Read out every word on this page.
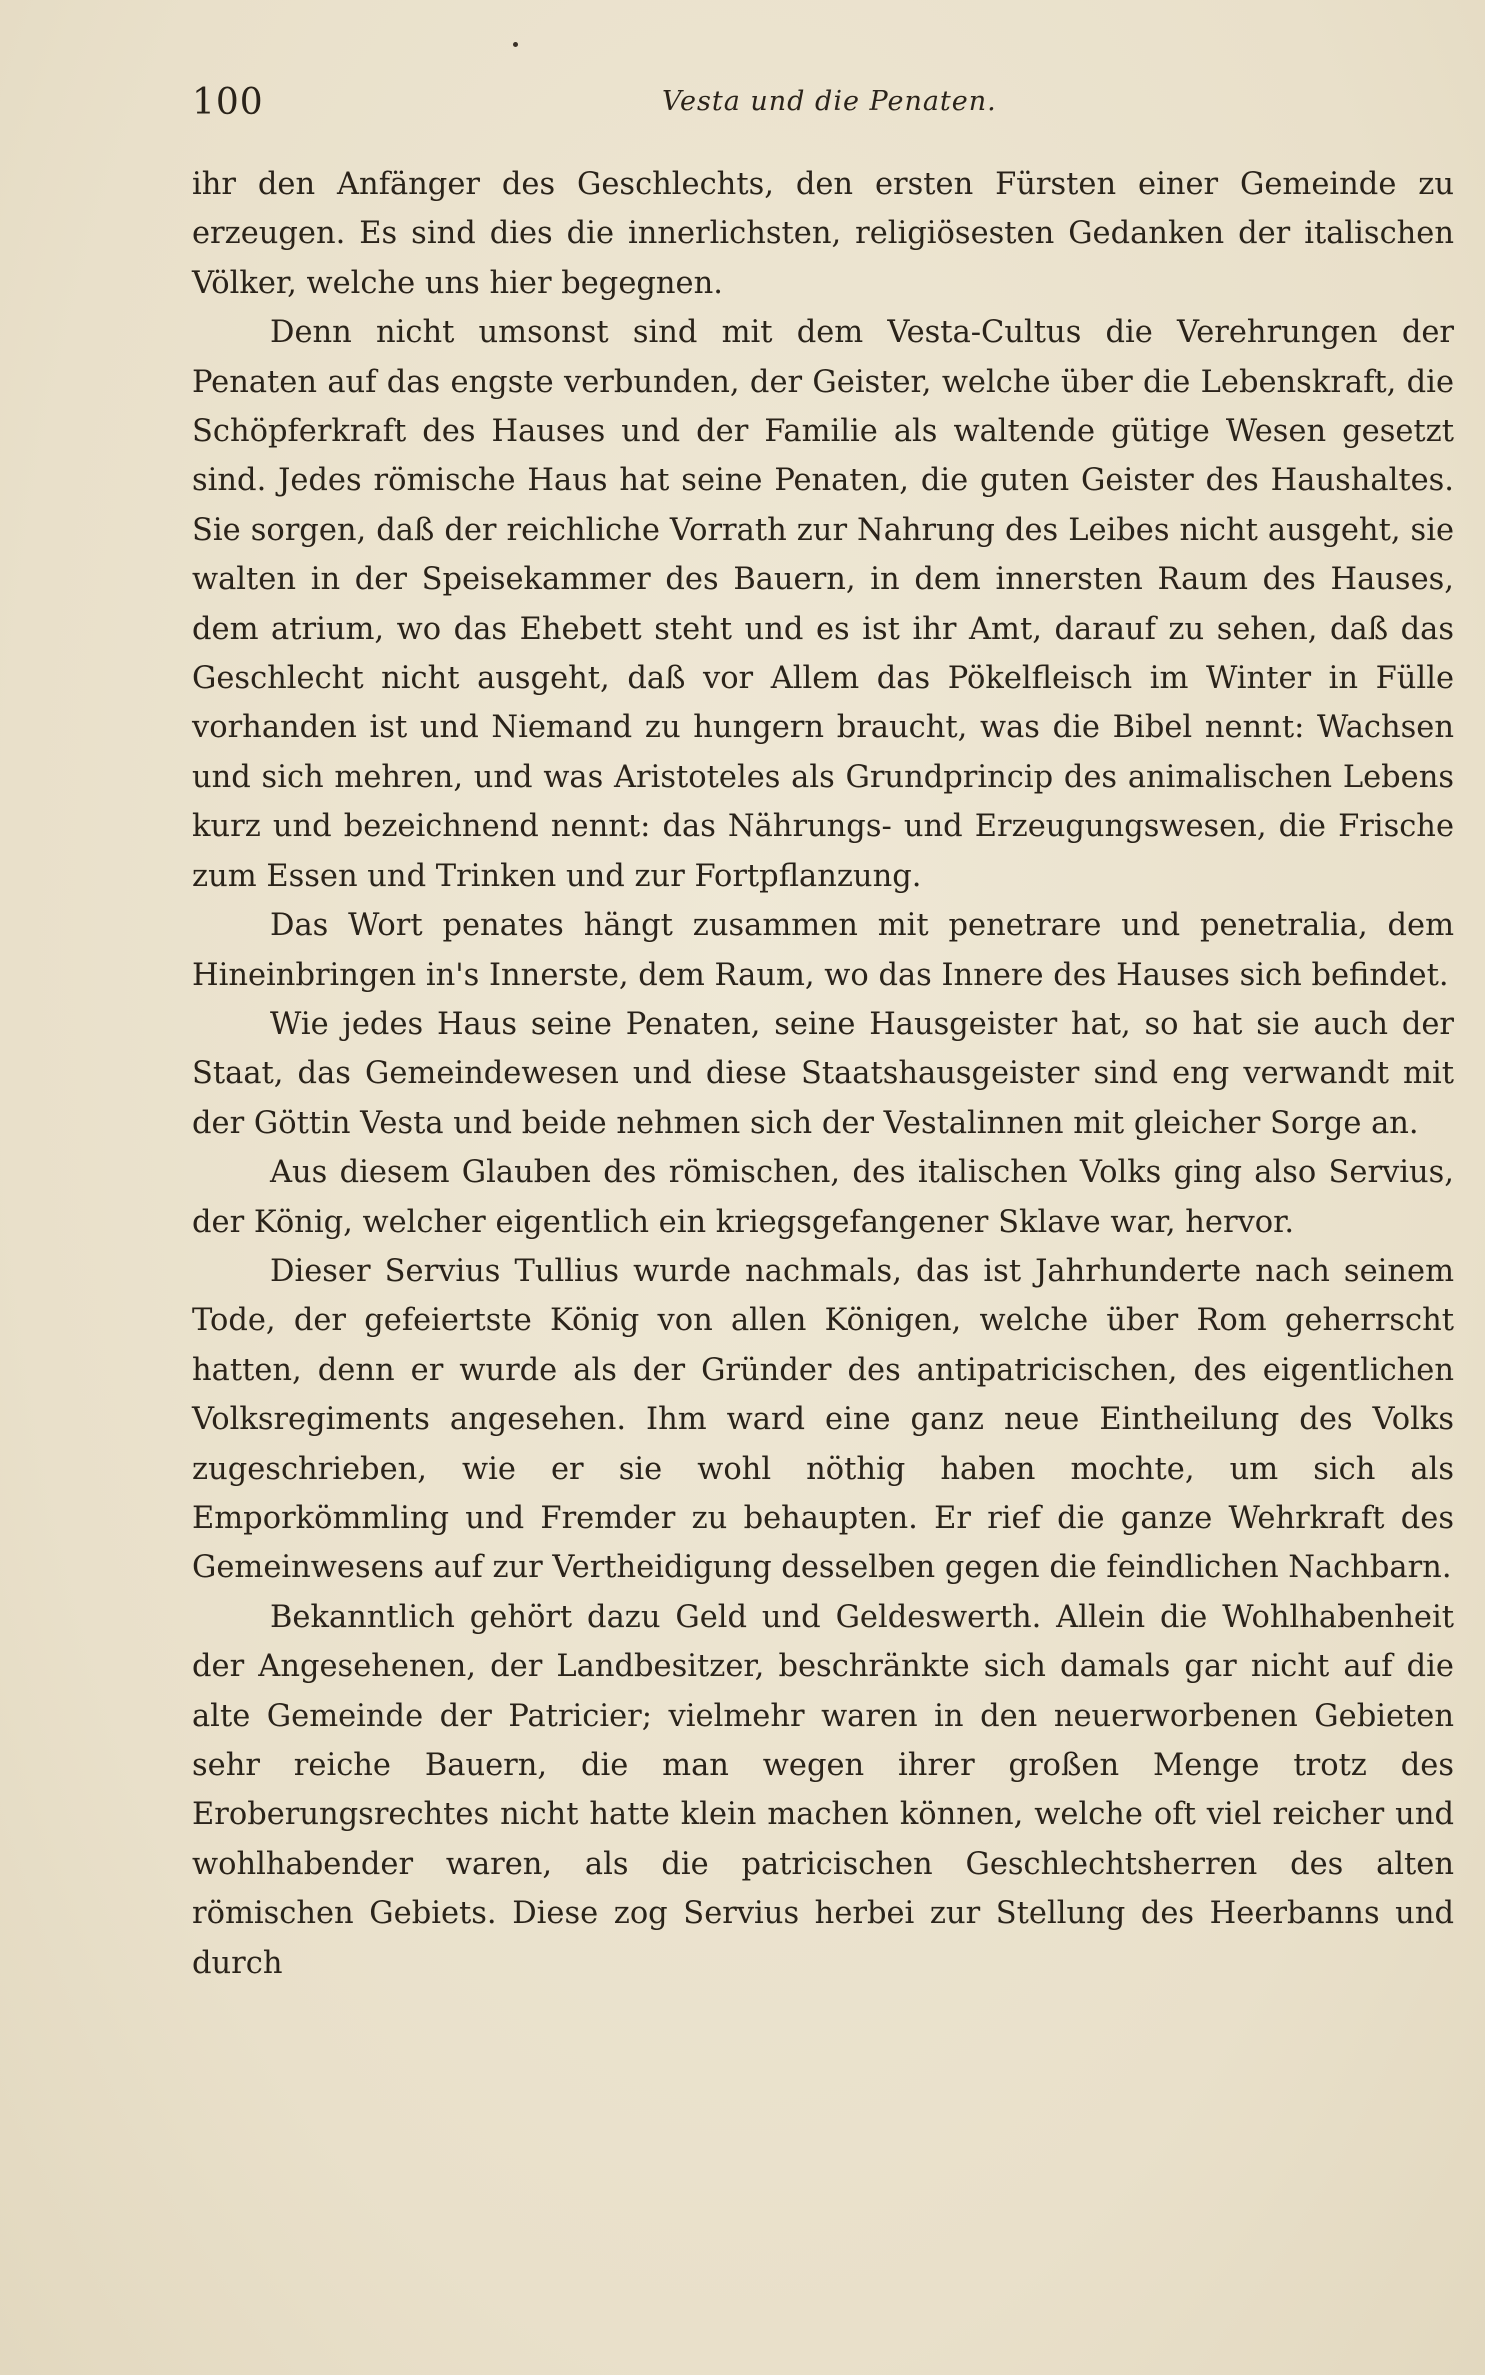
100	Vesta und die Penaten.

ihr den Anfänger des Geschlechts, den ersten Fürsten einer Gemeinde zu erzeugen. Es sind dies die innerlichsten, religiösesten Gedanken der italischen Völker, welche uns hier begegnen.

Denn nicht umsonst sind mit dem Vesta-Cultus die Verehrungen der Penaten auf das engste verbunden, der Geister, welche über die Lebenskraft, die Schöpferkraft des Hauses und der Familie als waltende gütige Wesen gesetzt sind. Jedes römische Haus hat seine Penaten, die guten Geister des Haushaltes. Sie sorgen, daß der reichliche Vorrath zur Nahrung des Leibes nicht ausgeht, sie walten in der Speisekammer des Bauern, in dem innersten Raum des Hauses, dem atrium, wo das Ehebett steht und es ist ihr Amt, darauf zu sehen, daß das Geschlecht nicht ausgeht, daß vor Allem das Pökelfleisch im Winter in Fülle vorhanden ist und Niemand zu hungern braucht, was die Bibel nennt: Wachsen und sich mehren, und was Aristoteles als Grundprincip des animalischen Lebens kurz und bezeichnend nennt: das Nährungs- und Erzeugungswesen, die Frische zum Essen und Trinken und zur Fortpflanzung.

Das Wort penates hängt zusammen mit penetrare und penetralia, dem Hineinbringen in's Innerste, dem Raum, wo das Innere des Hauses sich befindet.

Wie jedes Haus seine Penaten, seine Hausgeister hat, so hat sie auch der Staat, das Gemeindewesen und diese Staatshausgeister sind eng verwandt mit der Göttin Vesta und beide nehmen sich der Vestalinnen mit gleicher Sorge an.

Aus diesem Glauben des römischen, des italischen Volks ging also Servius, der König, welcher eigentlich ein kriegsgefangener Sklave war, hervor.

Dieser Servius Tullius wurde nachmals, das ist Jahrhunderte nach seinem Tode, der gefeiertste König von allen Königen, welche über Rom geherrscht hatten, denn er wurde als der Gründer des antipatricischen, des eigentlichen Volksregiments angesehen. Ihm ward eine ganz neue Eintheilung des Volks zugeschrieben, wie er sie wohl nöthig haben mochte, um sich als Emporkömmling und Fremder zu behaupten. Er rief die ganze Wehrkraft des Gemeinwesens auf zur Vertheidigung desselben gegen die feindlichen Nachbarn.

Bekanntlich gehört dazu Geld und Geldeswerth. Allein die Wohlhabenheit der Angesehenen, der Landbesitzer, beschränkte sich damals gar nicht auf die alte Gemeinde der Patricier; vielmehr waren in den neuerworbenen Gebieten sehr reiche Bauern, die man wegen ihrer großen Menge trotz des Eroberungsrechtes nicht hatte klein machen können, welche oft viel reicher und wohlhabender waren, als die patricischen Geschlechtsherren des alten römischen Gebiets. Diese zog Servius herbei zur Stellung des Heerbanns und durch
